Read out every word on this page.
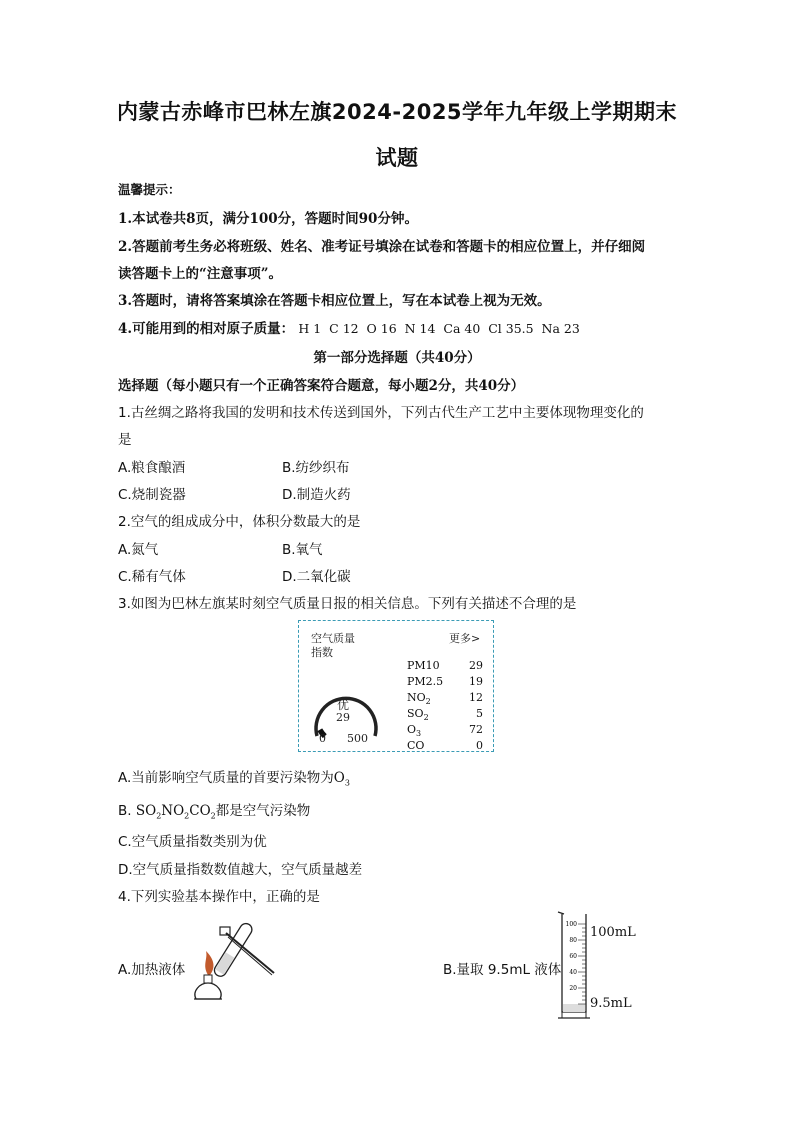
内蒙古赤峰市巴林左旗2024-2025学年九年级上学期期末
试题
温馨提示：
1.本试卷共8页，满分100分，答题时间90分钟。
2.答题前考生务必将班级、姓名、准考证号填涂在试卷和答题卡的相应位置上，并仔细阅
读答题卡上的“注意事项”。
3.答题时，请将答案填涂在答题卡相应位置上，写在本试卷上视为无效。
4.可能用到的相对原子质量： H 1  C 12  O 16  N 14  Ca 40  Cl 35.5  Na 23
第一部分选择题（共40分）
选择题（每小题只有一个正确答案符合题意，每小题2分，共40分）
1.古丝绸之路将我国的发明和技术传送到国外，下列古代生产工艺中主要体现物理变化的
是
A.粮食酿酒	B.纺纱织布
C.烧制瓷器	D.制造火药
2.空气的组成成分中，体积分数最大的是
A.氮气	B.氧气
C.稀有气体	D.二氧化碳
3.如图为巴林左旗某时刻空气质量日报的相关信息。下列有关描述不合理的是
空气质量
指数
更多>
优
29
0 500
PM10	29
PM2.5 19
$NO_2$	12
$SO_2$	5
$O_3$	72
CO	0
A.当前影响空气质量的首要污染物为$O_3$
B. $SO_2NO_2CO_2$都是空气污染物
C.空气质量指数类别为优
D.空气质量指数数值越大，空气质量越差
4.下列实验基本操作中，正确的是
A.加热液体	B.量取 9.5mL 液体
100
80
60
40
20
100mL
9.5mL
